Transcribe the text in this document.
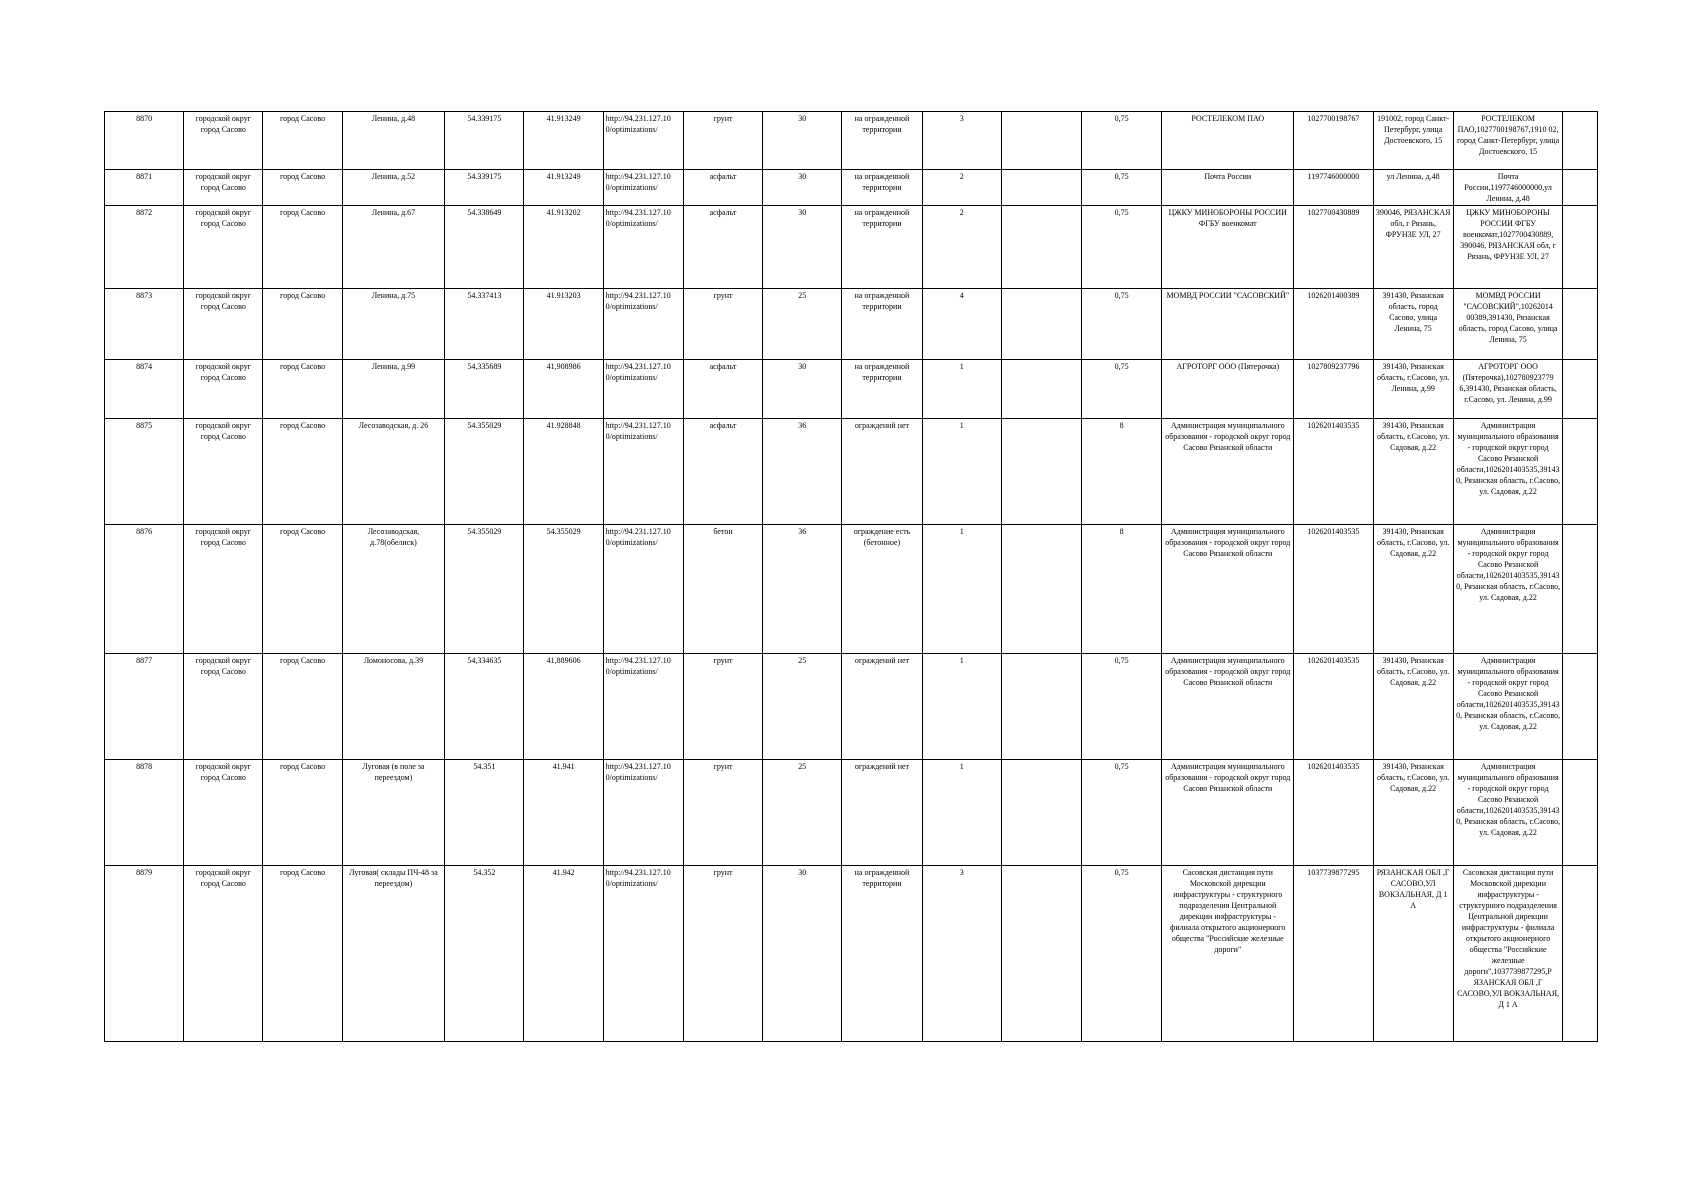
8870	городской округ город Сасово	город Сасово	Ленина, д.48	54.339175	41.913249	http://94.231.127.10 0/optimizations/	грунт	30	на огражденной территории	3		0,75	РОСТЕЛЕКОМ ПАО	1027700198767	191002, город Санкт-Петербург, улица Достоевского, 15	РОСТЕЛЕКОМ ПАО,1027700198767,1910 02, город Санкт-Петербург, улица Достоевского, 15	
8871	городской округ город Сасово	город Сасово	Ленина, д.52	54.339175	41.913249	http://94.231.127.10 0/optimizations/	асфальт	30	на огражденной территории	2		0,75	Почта России	1197746000000	ул Ленина, д.48	Почта России,1197746000000,ул Ленина, д.48	
8872	городской округ город Сасово	город Сасово	Ленина, д.67	54.338649	41.913202	http://94.231.127.10 0/optimizations/	асфальт	30	на огражденной территории	2		0,75	ЦЖКУ МИНОБОРОНЫ РОССИИ ФГБУ военкомат	1027700430889	390046, РЯЗАНСКАЯ обл, г Рязань, ФРУНЗЕ УЛ, 27	ЦЖКУ МИНОБОРОНЫ РОССИИ ФГБУ военкомат,1027700430889, 390046, РЯЗАНСКАЯ обл, г Рязань, ФРУНЗЕ УЛ, 27	
8873	городской округ город Сасово	город Сасово	Ленина, д.75	54.337413	41.913203	http://94.231.127.10 0/optimizations/	грунт	25	на огражденной территории	4		0,75	МОМВД РОССИИ "САСОВСКИЙ"	1026201400389	391430, Рязанская область, город Сасово, улица Ленина, 75	МОМВД РОССИИ "САСОВСКИЙ",10262014 00389,391430, Рязанская область, город Сасово, улица Ленина, 75	
8874	городской округ город Сасово	город Сасово	Ленина, д.99	54,335689	41,908986	http://94.231.127.10 0/optimizations/	асфальт	30	на огражденной территории	1		0,75	АГРОТОРГ ООО (Пятерочка)	1027809237796	391430, Рязанская область, г.Сасово, ул. Ленина, д.99	АГРОТОРГ ООО (Пятерочка),102780923779 6,391430, Рязанская область, г.Сасово, ул. Ленина, д.99	
8875	городской округ город Сасово	город Сасово	Лесозаводская, д. 26	54.355029	41.928848	http://94.231.127.10 0/optimizations/	асфальт	36	ограждений нет	1		8	Администрация муниципального образования - городской округ город Сасово Рязанской области	1026201403535	391430, Рязанская область, г.Сасово, ул. Садовая, д.22	Администрация муниципального образования - городской округ город Сасово Рязанской области,1026201403535,391430, Рязанская область, г.Сасово, ул. Садовая, д.22	
8876	городской округ город Сасово	город Сасово	Лесозаводская, д.78(обелиск)	54.355029	54.355029	http://94.231.127.10 0/optimizations/	бетон	36	ограждение есть (бетонное)	1		8	Администрация муниципального образования - городской округ город Сасово Рязанской области	1026201403535	391430, Рязанская область, г.Сасово, ул. Садовая, д.22	Администрация муниципального образования - городской округ город Сасово Рязанской области,1026201403535,391430, Рязанская область, г.Сасово, ул. Садовая, д.22	
8877	городской округ город Сасово	город Сасово	Ломоносова, д.39	54,334635	41,889606	http://94.231.127.10 0/optimizations/	грунт	25	ограждений нет	1		0,75	Администрация муниципального образования - городской округ город Сасово Рязанской области	1026201403535	391430, Рязанская область, г.Сасово, ул. Садовая, д.22	Администрация муниципального образования - городской округ город Сасово Рязанской области,1026201403535,391430, Рязанская область, г.Сасово, ул. Садовая, д.22	
8878	городской округ город Сасово	город Сасово	Луговая (в поле за переездом)	54.351	41.941	http://94.231.127.10 0/optimizations/	грунт	25	ограждений нет	1		0,75	Администрация муниципального образования - городской округ город Сасово Рязанской области	1026201403535	391430, Рязанская область, г.Сасово, ул. Садовая, д.22	Администрация муниципального образования - городской округ город Сасово Рязанской области,1026201403535,391430, Рязанская область, г.Сасово, ул. Садовая, д.22	
8879	городской округ город Сасово	город Сасово	Луговая( склады ПЧ-48 за переездом)	54.352	41.942	http://94.231.127.10 0/optimizations/	грунт	30	на огражденной территории	3		0,75	Сасовская дистанция пути Московской дирекции инфраструктуры - структурного подразделения Центральной дирекции инфраструктуры - филиала открытого акционерного общества "Российские железные дороги"	1037739877295	РЯЗАНСКАЯ ОБЛ ,Г САСОВО,УЛ ВОКЗАЛЬНАЯ, Д 1 А	Сасовская дистанция пути Московской дирекции инфраструктуры - структурного подразделения Центральной дирекции инфраструктуры - филиала открытого акционерного общества "Российские железные дороги",1037739877295,Р ЯЗАНСКАЯ ОБЛ ,Г САСОВО,УЛ ВОКЗАЛЬНАЯ, Д 1 А	
